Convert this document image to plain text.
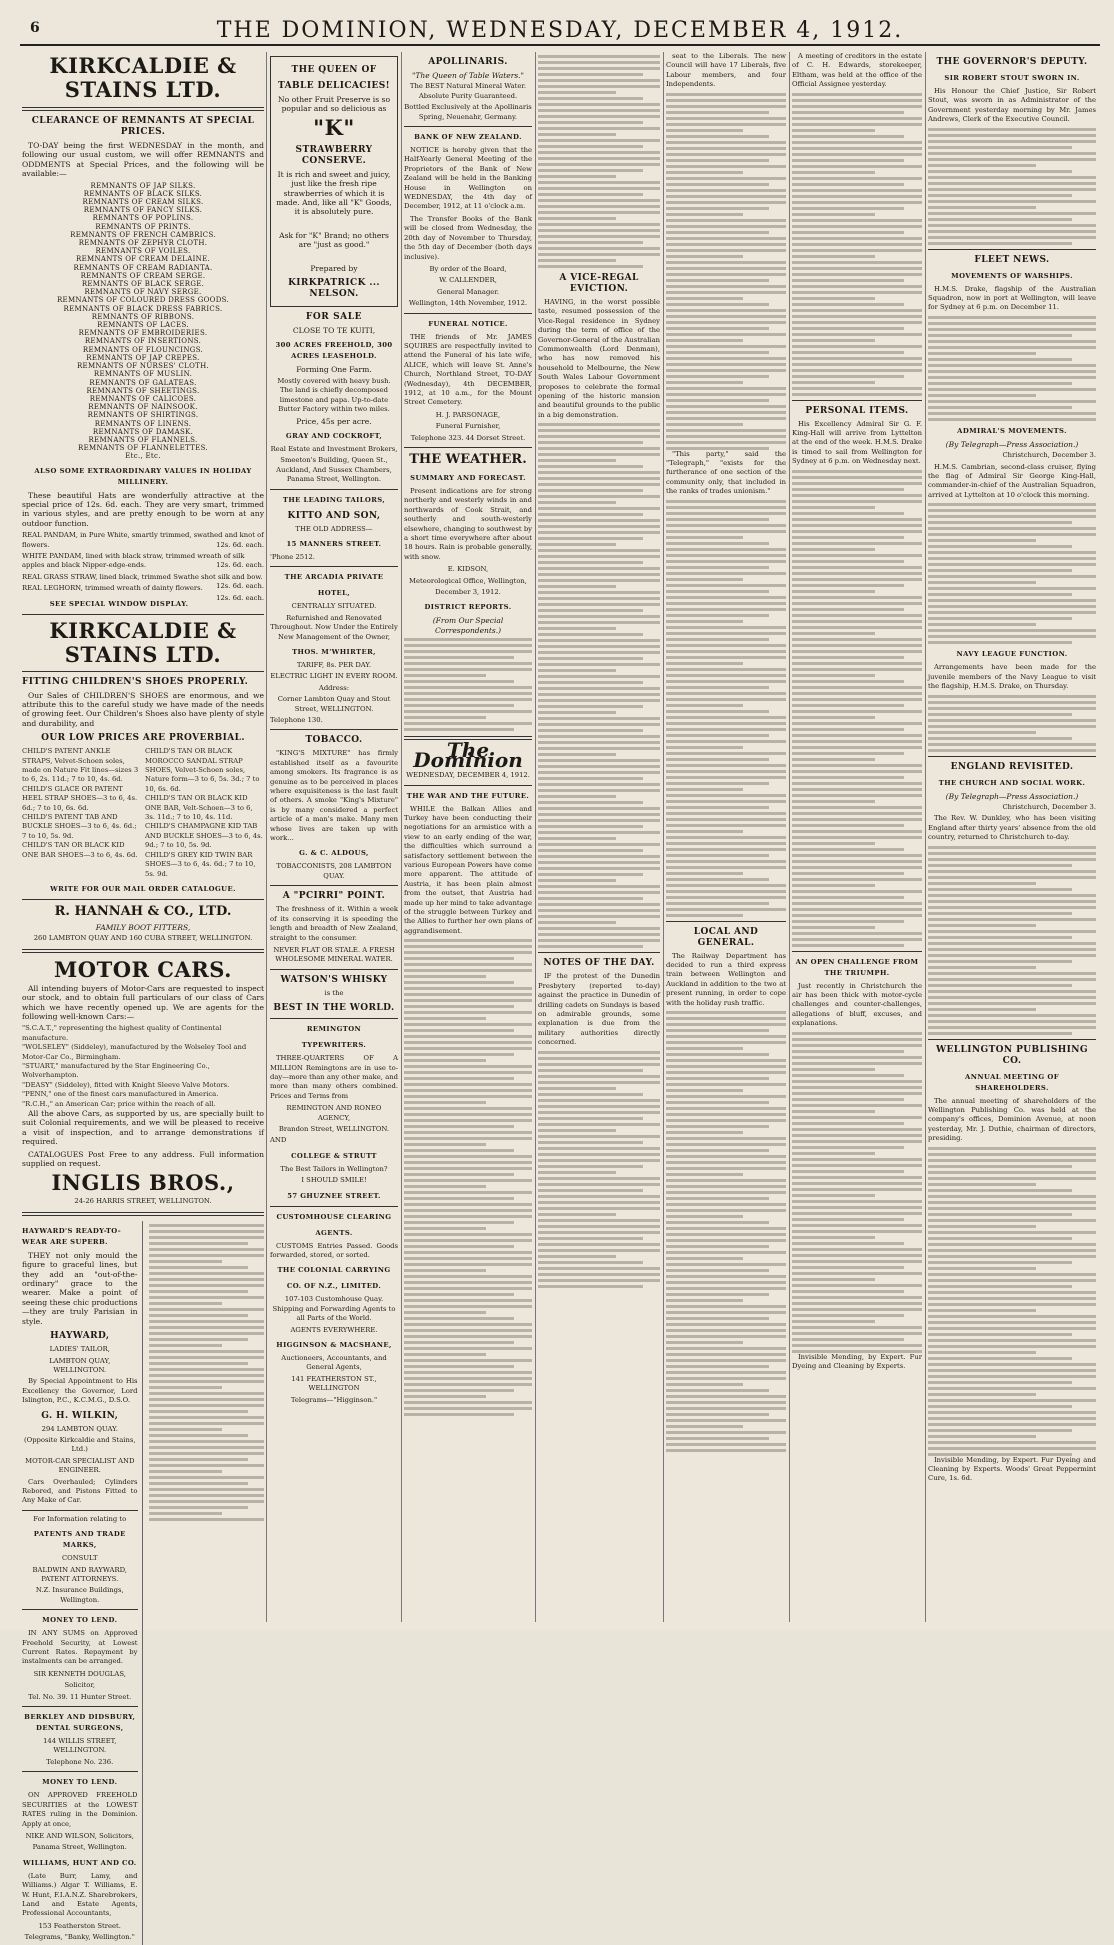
6	THE DOMINION, WEDNESDAY, DECEMBER 4, 1912.
KIRKCALDIE & STAINS LTD.
CLEARANCE OF REMNANTS AT SPECIAL PRICES.

TO-DAY being the first WEDNESDAY in the month, and following our usual custom, we will offer REMNANTS and ODDMENTS at Special Prices, and the following will be available:—

REMNANTS OF JAP SILKS.
REMNANTS OF BLACK SILKS.
REMNANTS OF CREAM SILKS.
REMNANTS OF FANCY SILKS.
REMNANTS OF POPLINS.
REMNANTS OF PRINTS.
REMNANTS OF FRENCH CAMBRICS.
REMNANTS OF ZEPHYR CLOTH.
REMNANTS OF VOILES.
REMNANTS OF CREAM DELAINE.
REMNANTS OF CREAM RADIANTA.
REMNANTS OF CREAM SERGE.
REMNANTS OF BLACK SERGE.
REMNANTS OF NAVY SERGE.
REMNANTS OF COLOURED DRESS GOODS.
REMNANTS OF BLACK DRESS FABRICS.
REMNANTS OF RIBBONS.
REMNANTS OF LACES.
REMNANTS OF EMBROIDERIES.
REMNANTS OF INSERTIONS.
REMNANTS OF FLOUNCINGS.
REMNANTS OF JAP CREPES.
REMNANTS OF NURSES' CLOTH.
REMNANTS OF MUSLIN.
REMNANTS OF GALATEAS.
REMNANTS OF SHEETINGS.
REMNANTS OF CALICOES.
REMNANTS OF NAINSOOK.
REMNANTS OF SHIRTINGS.
REMNANTS OF LINENS.
REMNANTS OF DAMASK.
REMNANTS OF FLANNELS.
REMNANTS OF FLANNELETTES.
Etc., Etc.
ALSO SOME EXTRAORDINARY VALUES IN HOLIDAY MILLINERY.

These beautiful Hats are wonderfully attractive at the special price of 12s. 6d. each. They are very smart, trimmed in various styles, and are pretty enough to be worn at any outdoor function.

REAL PANDAM, in Pure White, smartly trimmed, swathed and knot of flowers.	12s. 6d. each.
WHITE PANDAM, lined with black straw, trimmed wreath of silk apples and black Nipper-edge-ends.	12s. 6d. each.
REAL GRASS STRAW, lined black, trimmed Swathe shot silk and bow.
12s. 6d. each.
REAL LEGHORN, trimmed wreath of dainty flowers.
12s. 6d. each.
SEE SPECIAL WINDOW DISPLAY.
KIRKCALDIE & STAINS LTD.
FITTING CHILDREN'S SHOES PROPERLY.

Our Sales of CHILDREN'S SHOES are enormous, and we attribute this to the careful study we have made of the needs of growing feet. Our Children's Shoes also have plenty of style and durability, and

OUR LOW PRICES ARE PROVERBIAL.
CHILD'S PATENT ANKLE STRAPS, Velvet-Schoen soles, made on Nature Fit lines—sizes 3 to 6, 2s. 11d.; 7 to 10, 4s. 6d.
CHILD'S GLACE OR PATENT HEEL STRAP SHOES—3 to 6, 4s. 6d.; 7 to 10, 6s. 6d.
CHILD'S PATENT TAB AND BUCKLE SHOES—3 to 6, 4s. 6d.; 7 to 10, 5s. 9d.
CHILD'S TAN OR BLACK KID ONE BAR SHOES—3 to 6, 4s. 6d.
CHILD'S TAN OR BLACK MOROCCO SANDAL STRAP SHOES, Velvet-Schoen soles, Nature form—3 to 6, 5s. 3d.; 7 to 10, 6s. 6d.
CHILD'S TAN OR BLACK KID ONE BAR, Velt-Schoen—3 to 6, 3s. 11d.; 7 to 10, 4s. 11d.
CHILD'S CHAMPAGNE KID TAB AND BUCKLE SHOES—3 to 6, 4s. 9d.; 7 to 10, 5s. 9d.
CHILD'S GREY KID TWIN BAR SHOES—3 to 6, 4s. 6d.; 7 to 10, 5s. 9d.
WRITE FOR OUR MAIL ORDER CATALOGUE.
R. HANNAH & CO., LTD.
FAMILY BOOT FITTERS,
260 LAMBTON QUAY AND 160 CUBA STREET, WELLINGTON.
MOTOR CARS.

All intending buyers of Motor-Cars are requested to inspect our stock, and to obtain full particulars of our class of Cars which we have recently opened up. We are agents for the following well-known Cars:—

"S.C.A.T.," representing the highest quality of Continental manufacture.
"WOLSELEY" (Siddeley), manufactured by the Wolseley Tool and Motor-Car Co., Birmingham.
"STUART," manufactured by the Star Engineering Co., Wolverhampton.
"DEASY" (Siddeley), fitted with Knight Sleeve Valve Motors.
"PENN," one of the finest cars manufactured in America.
"R.C.H.," an American Car; price within the reach of all.

All the above Cars, as supported by us, are specially built to suit Colonial requirements, and we will be pleased to receive a visit of inspection, and to arrange demonstrations if required.

CATALOGUES Post Free to any address. Full information supplied on request.

INGLIS BROS.,
24-26 HARRIS STREET, WELLINGTON.
HAYWARD'S READY-TO-WEAR ARE SUPERB.

THEY not only mould the figure to graceful lines, but they add an "out-of-the-ordinary" grace to the wearer. Make a point of seeing these chic productions—they are truly Parisian in style.

HAYWARD,
LADIES' TAILOR,
LAMBTON QUAY, WELLINGTON.

By Special Appointment to His Excellency the Governor, Lord Islington, P.C., K.C.M.G., D.S.O.

G. H. WILKIN,
294 LAMBTON QUAY.
(Opposite Kirkcaldie and Stains, Ltd.)
MOTOR-CAR SPECIALIST AND ENGINEER.

Cars Overhauled; Cylinders Rebored, and Pistons Fitted to Any Make of Car.

For Information relating to
PATENTS AND TRADE MARKS,
CONSULT
BALDWIN AND RAYWARD, PATENT ATTORNEYS.
N.Z. Insurance Buildings, Wellington.
MONEY TO LEND.

IN ANY SUMS on Approved Freehold Security, at Lowest Current Rates. Repayment by instalments can be arranged.

SIR KENNETH DOUGLAS,
Solicitor,
Tel. No. 39. 11 Hunter Street.
BERKLEY AND DIDSBURY, DENTAL SURGEONS,
144 WILLIS STREET, WELLINGTON.
Telephone No. 236.
MONEY TO LEND.

ON APPROVED FREEHOLD SECURITIES at the LOWEST RATES ruling in the Dominion. Apply at once,

NIKE AND WILSON, Solicitors,
Panama Street, Wellington.
WILLIAMS, HUNT AND CO.

(Late Burr, Lamy, and Williams.) Algar T. Williams, E. W. Hunt, F.I.A.N.Z. Sharebrokers, Land and Estate Agents, Professional Accountants,

153 Featherston Street.
Telegrams, "Banky, Wellington."
THE QUEEN OF
TABLE DELICACIES!
No other Fruit Preserve is so popular and so delicious as
"K"
STRAWBERRY CONSERVE.
It is rich and sweet and juicy, just like the fresh ripe strawberries of which it is made. And, like all "K" Goods, it is absolutely pure.
Ask for "K" Brand; no others are "just as good."
Prepared by
KIRKPATRICK ... NELSON.
FOR SALE
CLOSE TO TE KUITI,
300 ACRES FREEHOLD, 300 ACRES LEASEHOLD.
Forming One Farm.
Mostly covered with heavy bush. The land is chiefly decomposed limestone and papa. Up-to-date Butter Factory within two miles.
Price, 45s per acre.
GRAY AND COCKROFT,
Real Estate and Investment Brokers,
Smeeton's Building, Queen St., Auckland, And Sussex Chambers, Panama Street, Wellington.
THE LEADING TAILORS,
KITTO AND SON,
THE OLD ADDRESS—
15 MANNERS STREET.
'Phone 2512.
THE ARCADIA PRIVATE
HOTEL,
CENTRALLY SITUATED.
Refurnished and Renovated Throughout. Now Under the Entirely New Management of the Owner,
THOS. M'WHIRTER,
TARIFF, 8s. PER DAY.
ELECTRIC LIGHT IN EVERY ROOM.
Address:
Corner Lambton Quay and Stout Street, WELLINGTON.
Telephone 130.
TOBACCO.

"KING'S MIXTURE" has firmly established itself as a favourite among smokers. Its fragrance is as genuine as to be perceived in places where exquisiteness is the last fault of others. A smoke "King's Mixture" is by many considered a perfect article of a man's make. Many men whose lives are taken up with work...

G. & C. ALDOUS,
TOBACCONISTS, 208 LAMBTON QUAY.
A "PCIRRI" POINT.

The freshness of it. Within a week of its conserving it is speeding the length and breadth of New Zealand, straight to the consumer.

NEVER FLAT OR STALE. A FRESH WHOLESOME MINERAL WATER.
WATSON'S WHISKY
is the
BEST IN THE WORLD.
REMINGTON
TYPEWRITERS.

THREE-QUARTERS OF A MILLION Remingtons are in use to-day—more than any other make, and more than many others combined. Prices and Terms from

REMINGTON AND RONEO AGENCY,
Brandon Street, WELLINGTON.
AND
COLLEGE & STRUTT
The Best Tailors in Wellington?
I SHOULD SMILE!
57 GHUZNEE STREET.
CUSTOMHOUSE CLEARING
AGENTS.

CUSTOMS Entries Passed. Goods forwarded, stored, or sorted.

THE COLONIAL CARRYING
CO. OF N.Z., LIMITED.
107-103 Customhouse Quay. Shipping and Forwarding Agents to all Parts of the World.
AGENTS EVERYWHERE.
HIGGINSON & MACSHANE,
Auctioneers, Accountants, and General Agents,
141 FEATHERSTON ST., WELLINGTON
Telegrams—"Higginson."
APOLLINARIS.
"The Queen of Table Waters."
The BEST Natural Mineral Water. Absolute Purity Guaranteed.
Bottled Exclusively at the Apollinaris Spring, Neuenahr, Germany.
BANK OF NEW ZEALAND.

NOTICE is hereby given that the Half-Yearly General Meeting of the Proprietors of the Bank of New Zealand will be held in the Banking House in Wellington on WEDNESDAY, the 4th day of December, 1912, at 11 o'clock a.m.

The Transfer Books of the Bank will be closed from Wednesday, the 20th day of November to Thursday, the 5th day of December (both days inclusive).

By order of the Board,
W. CALLENDER,
General Manager.
Wellington, 14th November, 1912.
FUNERAL NOTICE.

THE friends of Mr. JAMES SQUIRES are respectfully invited to attend the Funeral of his late wife, ALICE, which will leave St. Anne's Church, Northland Street, TO-DAY (Wednesday), 4th DECEMBER, 1912, at 10 a.m., for the Mount Street Cemetery.

H. J. PARSONAGE,
Funeral Furnisher,
Telephone 323. 44 Dorset Street.
THE WEATHER.
SUMMARY AND FORECAST.

Present indications are for strong northerly and westerly winds in and northwards of Cook Strait, and southerly and south-westerly elsewhere, changing to southwest by a short time everywhere after about 18 hours. Rain is probable generally, with snow.

E. KIDSON,
Meteorological Office, Wellington,
December 3, 1912.
DISTRICT REPORTS.
(From Our Special Correspondents.)
The Dominion
WEDNESDAY, DECEMBER 4, 1912.
THE WAR AND THE FUTURE.

WHILE the Balkan Allies and Turkey have been conducting their negotiations for an armistice with a view to an early ending of the war, the difficulties which surround a satisfactory settlement between the various European Powers have come more apparent. The attitude of Austria, it has been plain almost from the outset, that Austria had made up her mind to take advantage of the struggle between Turkey and the Allies to further her own plans of aggrandisement.

A VICE-REGAL EVICTION.

HAVING, in the worst possible taste, resumed possession of the Vice-Regal residence in Sydney during the term of office of the Governor-General of the Australian Commonwealth (Lord Denman), who has now removed his household to Melbourne, the New South Wales Labour Government proposes to celebrate the formal opening of the historic mansion and beautiful grounds to the public in a big demonstration.

NOTES OF THE DAY.

IF the protest of the Dunedin Presbytery (reported to-day) against the practice in Dunedin of drilling cadets on Sundays is based on admirable grounds, some explanation is due from the military authorities directly concerned.

seat to the Liberals. The new Council will have 17 Liberals, five Labour members, and four Independents.

"This party," said the "Telegraph," "exists for the furtherance of one section of the community only, that included in the ranks of trades unionism."

LOCAL AND GENERAL.

The Railway Department has decided to run a third express train between Wellington and Auckland in addition to the two at present running, in order to cope with the holiday rush traffic.

A meeting of creditors in the estate of C. H. Edwards, storekeeper, Eltham, was held at the office of the Official Assignee yesterday.

PERSONAL ITEMS.

His Excellency Admiral Sir G. F. King-Hall will arrive from Lyttelton at the end of the week. H.M.S. Drake is timed to sail from Wellington for Sydney at 6 p.m. on Wednesday next.

AN OPEN CHALLENGE FROM THE TRIUMPH.

Just recently in Christchurch the air has been thick with motor-cycle challenges and counter-challenges, allegations of bluff, excuses, and explanations.

Invisible Mending, by Expert. Fur Dyeing and Cleaning by Experts.

THE GOVERNOR'S DEPUTY.
SIR ROBERT STOUT SWORN IN.

His Honour the Chief Justice, Sir Robert Stout, was sworn in as Administrator of the Government yesterday morning by Mr. James Andrews, Clerk of the Executive Council.

FLEET NEWS.
MOVEMENTS OF WARSHIPS.

H.M.S. Drake, flagship of the Australian Squadron, now in port at Wellington, will leave for Sydney at 6 p.m. on December 11.

ADMIRAL'S MOVEMENTS.
(By Telegraph—Press Association.)
Christchurch, December 3.

H.M.S. Cambrian, second-class cruiser, flying the flag of Admiral Sir George King-Hall, commander-in-chief of the Australian Squadron, arrived at Lyttelton at 10 o'clock this morning.

NAVY LEAGUE FUNCTION.

Arrangements have been made for the juvenile members of the Navy League to visit the flagship, H.M.S. Drake, on Thursday.

ENGLAND REVISITED.
THE CHURCH AND SOCIAL WORK.
(By Telegraph—Press Association.)
Christchurch, December 3.

The Rev. W. Dunkley, who has been visiting England after thirty years' absence from the old country, returned to Christchurch to-day.

WELLINGTON PUBLISHING CO.
ANNUAL MEETING OF SHAREHOLDERS.

The annual meeting of shareholders of the Wellington Publishing Co. was held at the company's offices, Dominion Avenue, at noon yesterday, Mr. J. Duthie, chairman of directors, presiding.

Invisible Mending, by Expert. Fur Dyeing and Cleaning by Experts. Woods' Great Peppermint Cure, 1s. 6d.
